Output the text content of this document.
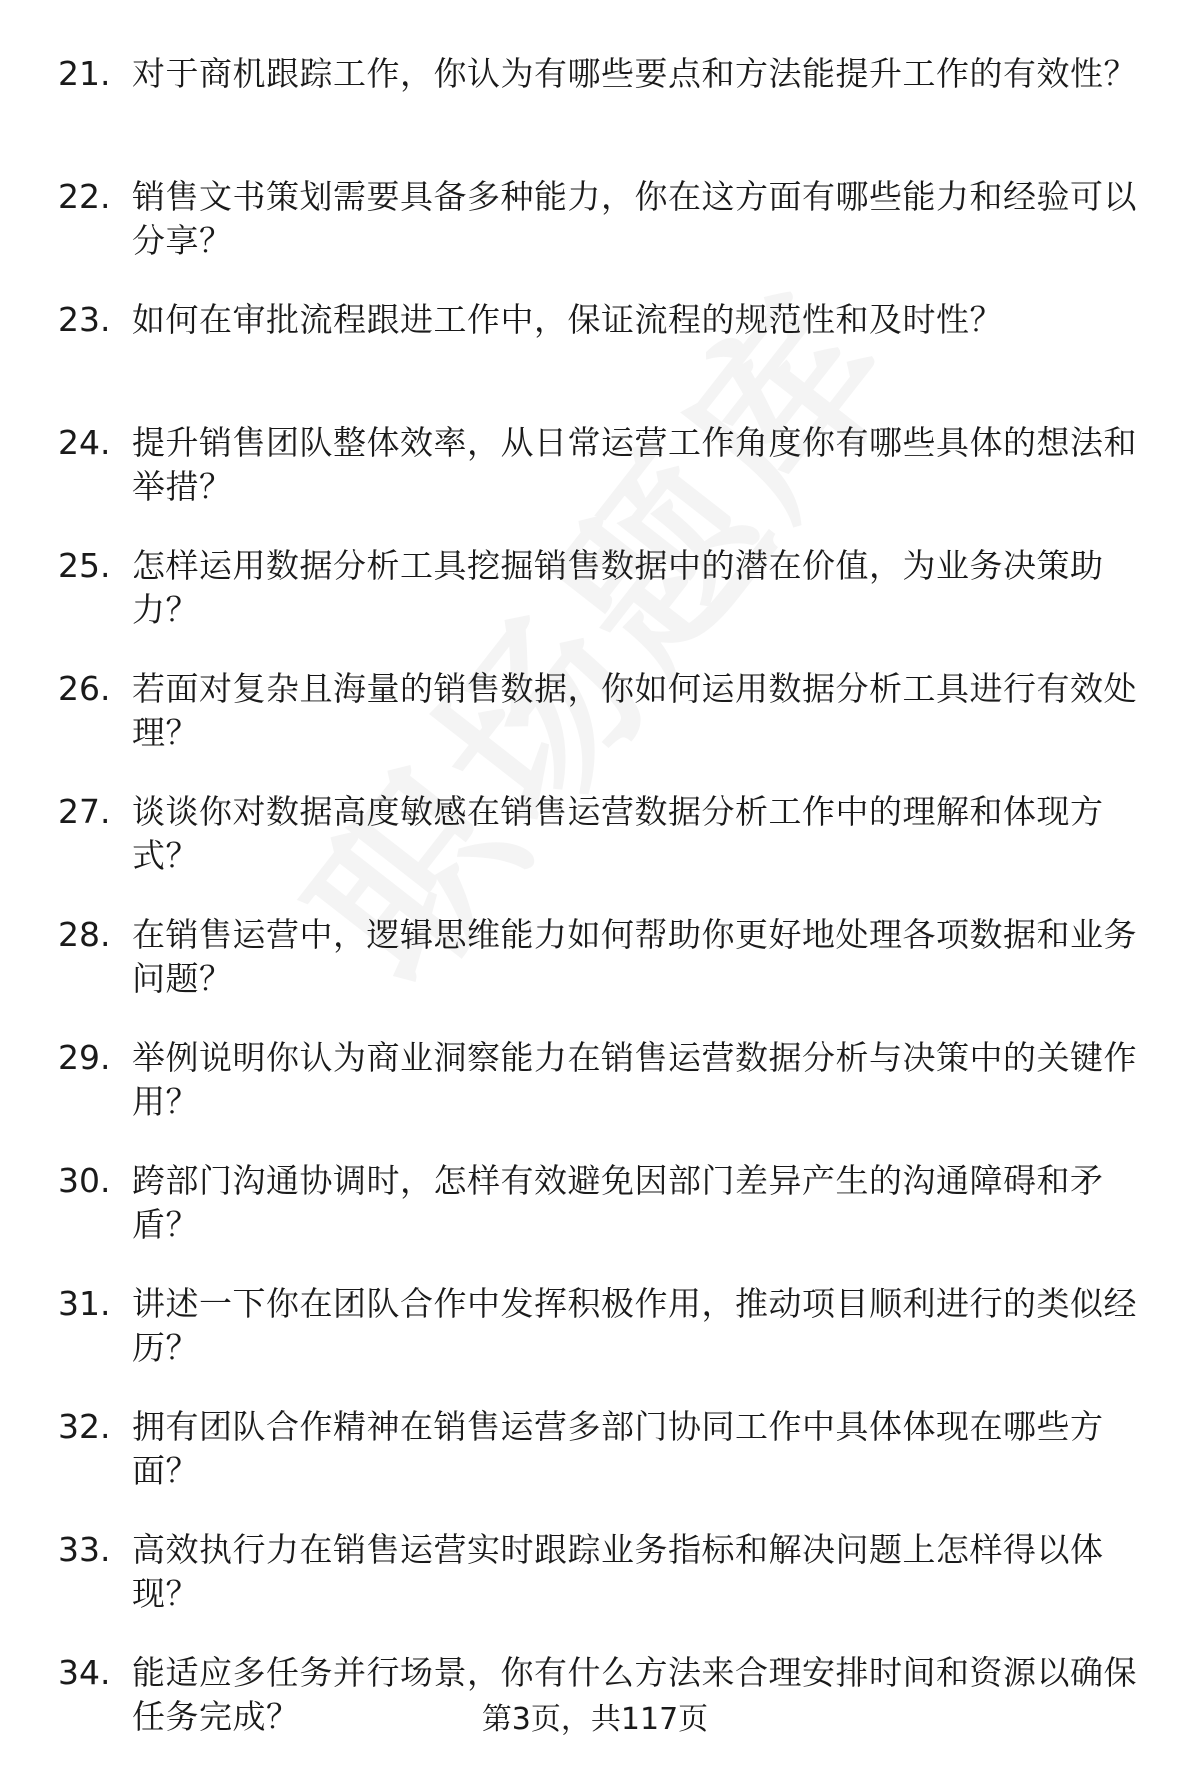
21. 对于商机跟踪工作，你认为有哪些要点和方法能提升工作的有效性？
22. 销售文书策划需要具备多种能力，你在这方面有哪些能力和经验可以分享？
23. 如何在审批流程跟进工作中，保证流程的规范性和及时性？
24. 提升销售团队整体效率，从日常运营工作角度你有哪些具体的想法和举措？
25. 怎样运用数据分析工具挖掘销售数据中的潜在价值，为业务决策助力？
26. 若面对复杂且海量的销售数据，你如何运用数据分析工具进行有效处理？
27. 谈谈你对数据高度敏感在销售运营数据分析工作中的理解和体现方式？
28. 在销售运营中，逻辑思维能力如何帮助你更好地处理各项数据和业务问题？
29. 举例说明你认为商业洞察能力在销售运营数据分析与决策中的关键作用？
30. 跨部门沟通协调时，怎样有效避免因部门差异产生的沟通障碍和矛盾？
31. 讲述一下你在团队合作中发挥积极作用，推动项目顺利进行的类似经历？
32. 拥有团队合作精神在销售运营多部门协同工作中具体体现在哪些方面？
33. 高效执行力在销售运营实时跟踪业务指标和解决问题上怎样得以体现？
34. 能适应多任务并行场景，你有什么方法来合理安排时间和资源以确保任务完成？	第3页，共117页
